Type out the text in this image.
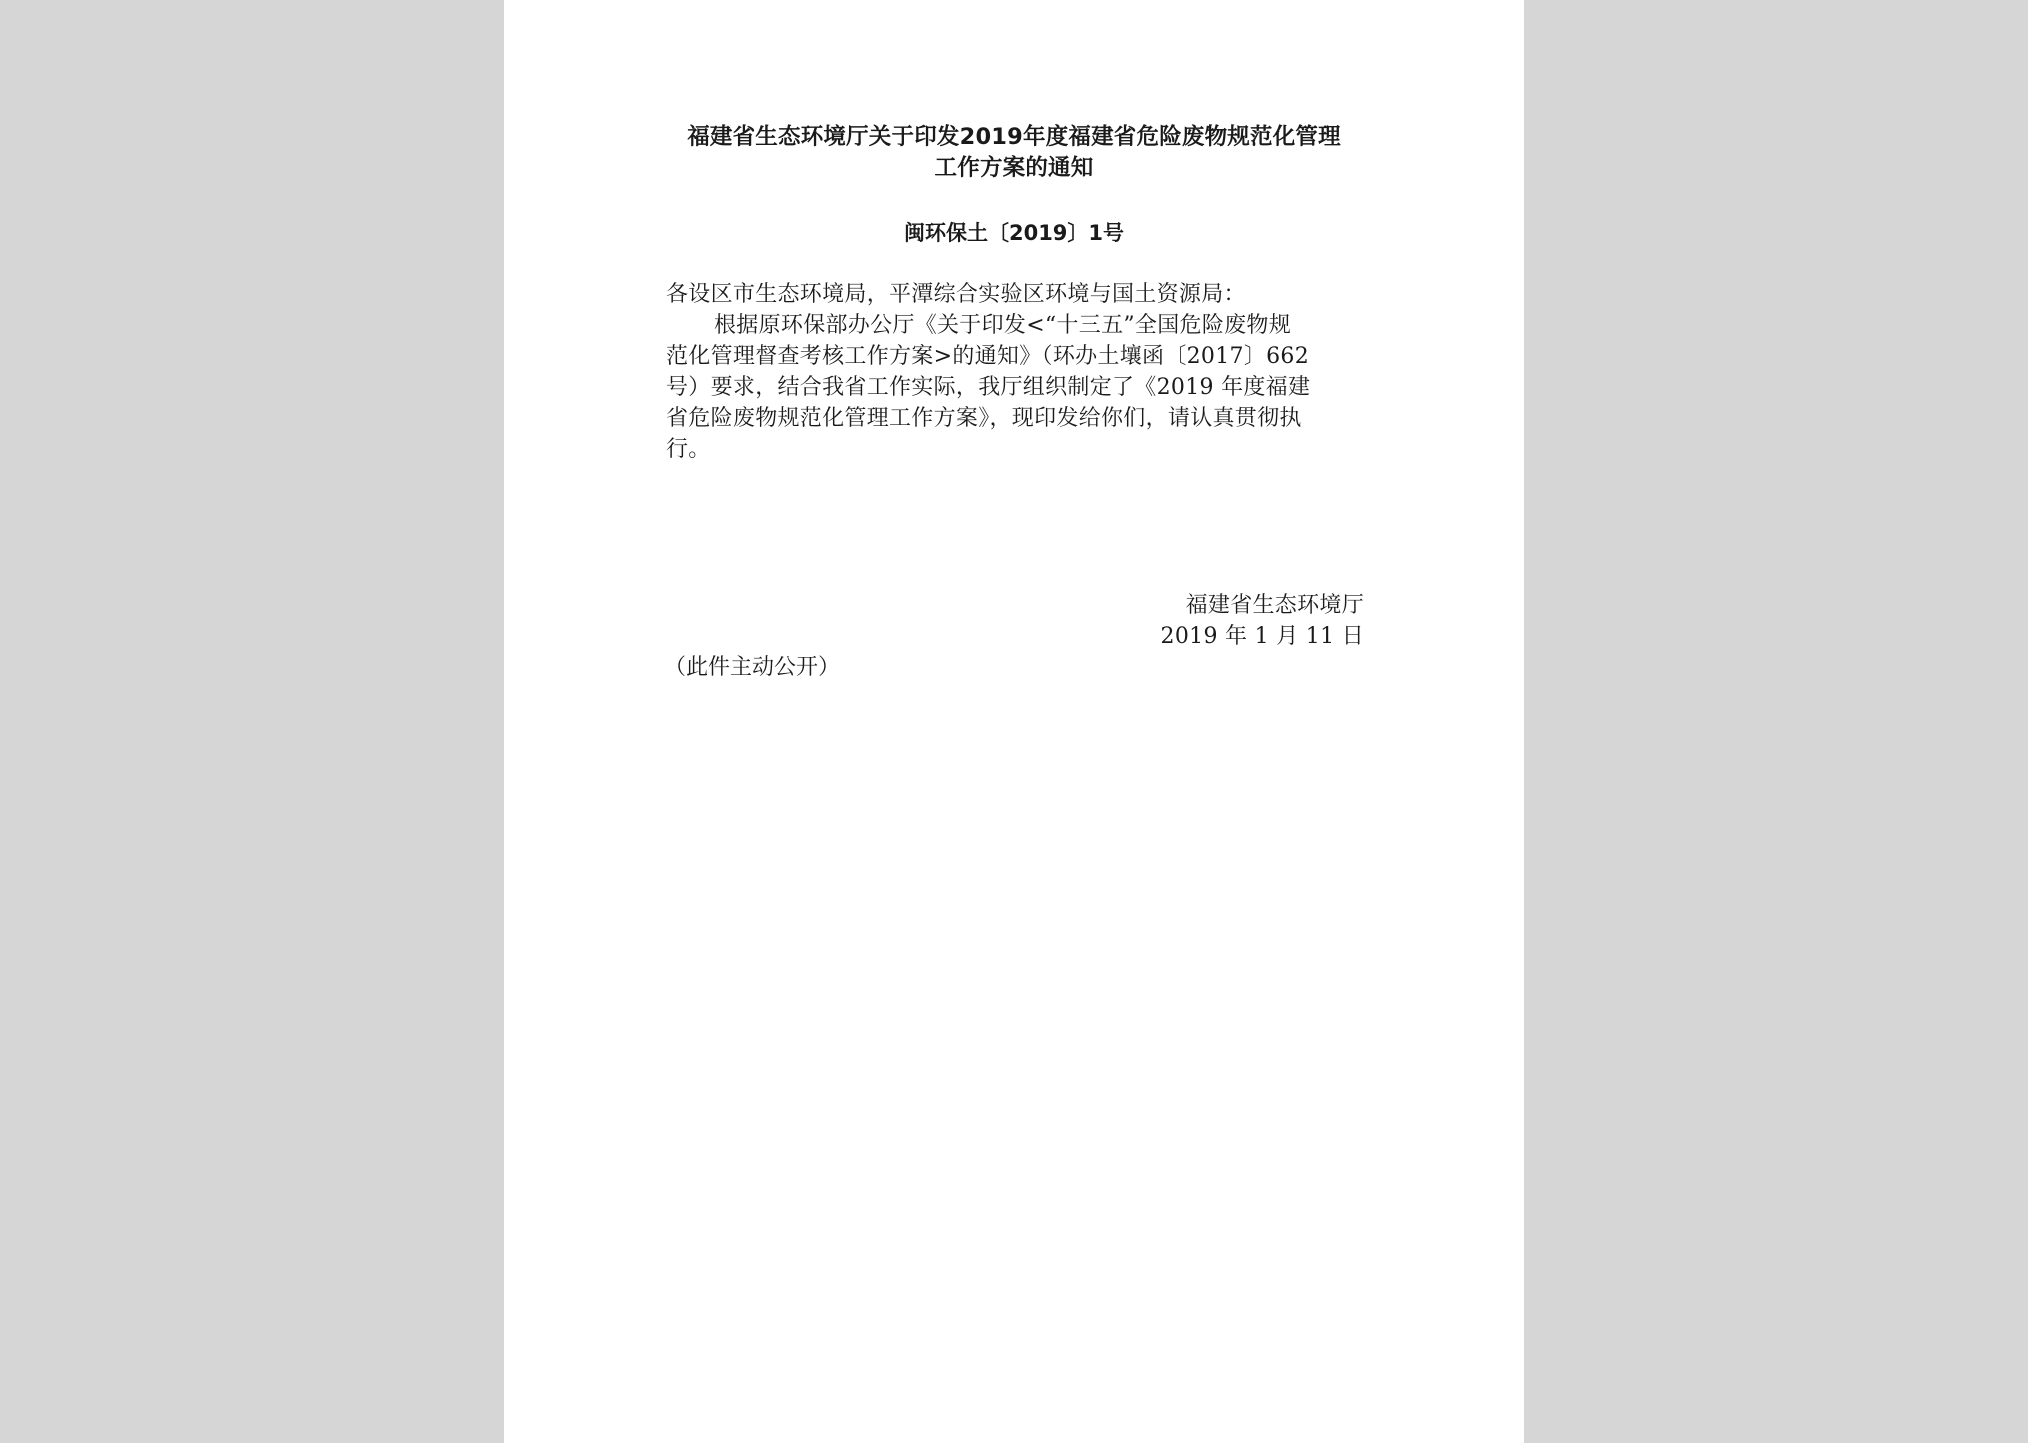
福建省生态环境厅关于印发2019年度福建省危险废物规范化管理
工作方案的通知
闽环保土〔2019〕1号
各设区市生态环境局，平潭综合实验区环境与国土资源局：
根据原环保部办公厅《关于印发<“十三五”全国危险废物规
范化管理督查考核工作方案>的通知》（环办土壤函〔2017〕662
号）要求，结合我省工作实际，我厅组织制定了《2019 年度福建
省危险废物规范化管理工作方案》，现印发给你们，请认真贯彻执
行。
福建省生态环境厅
2019 年 1 月 11 日
（此件主动公开）
